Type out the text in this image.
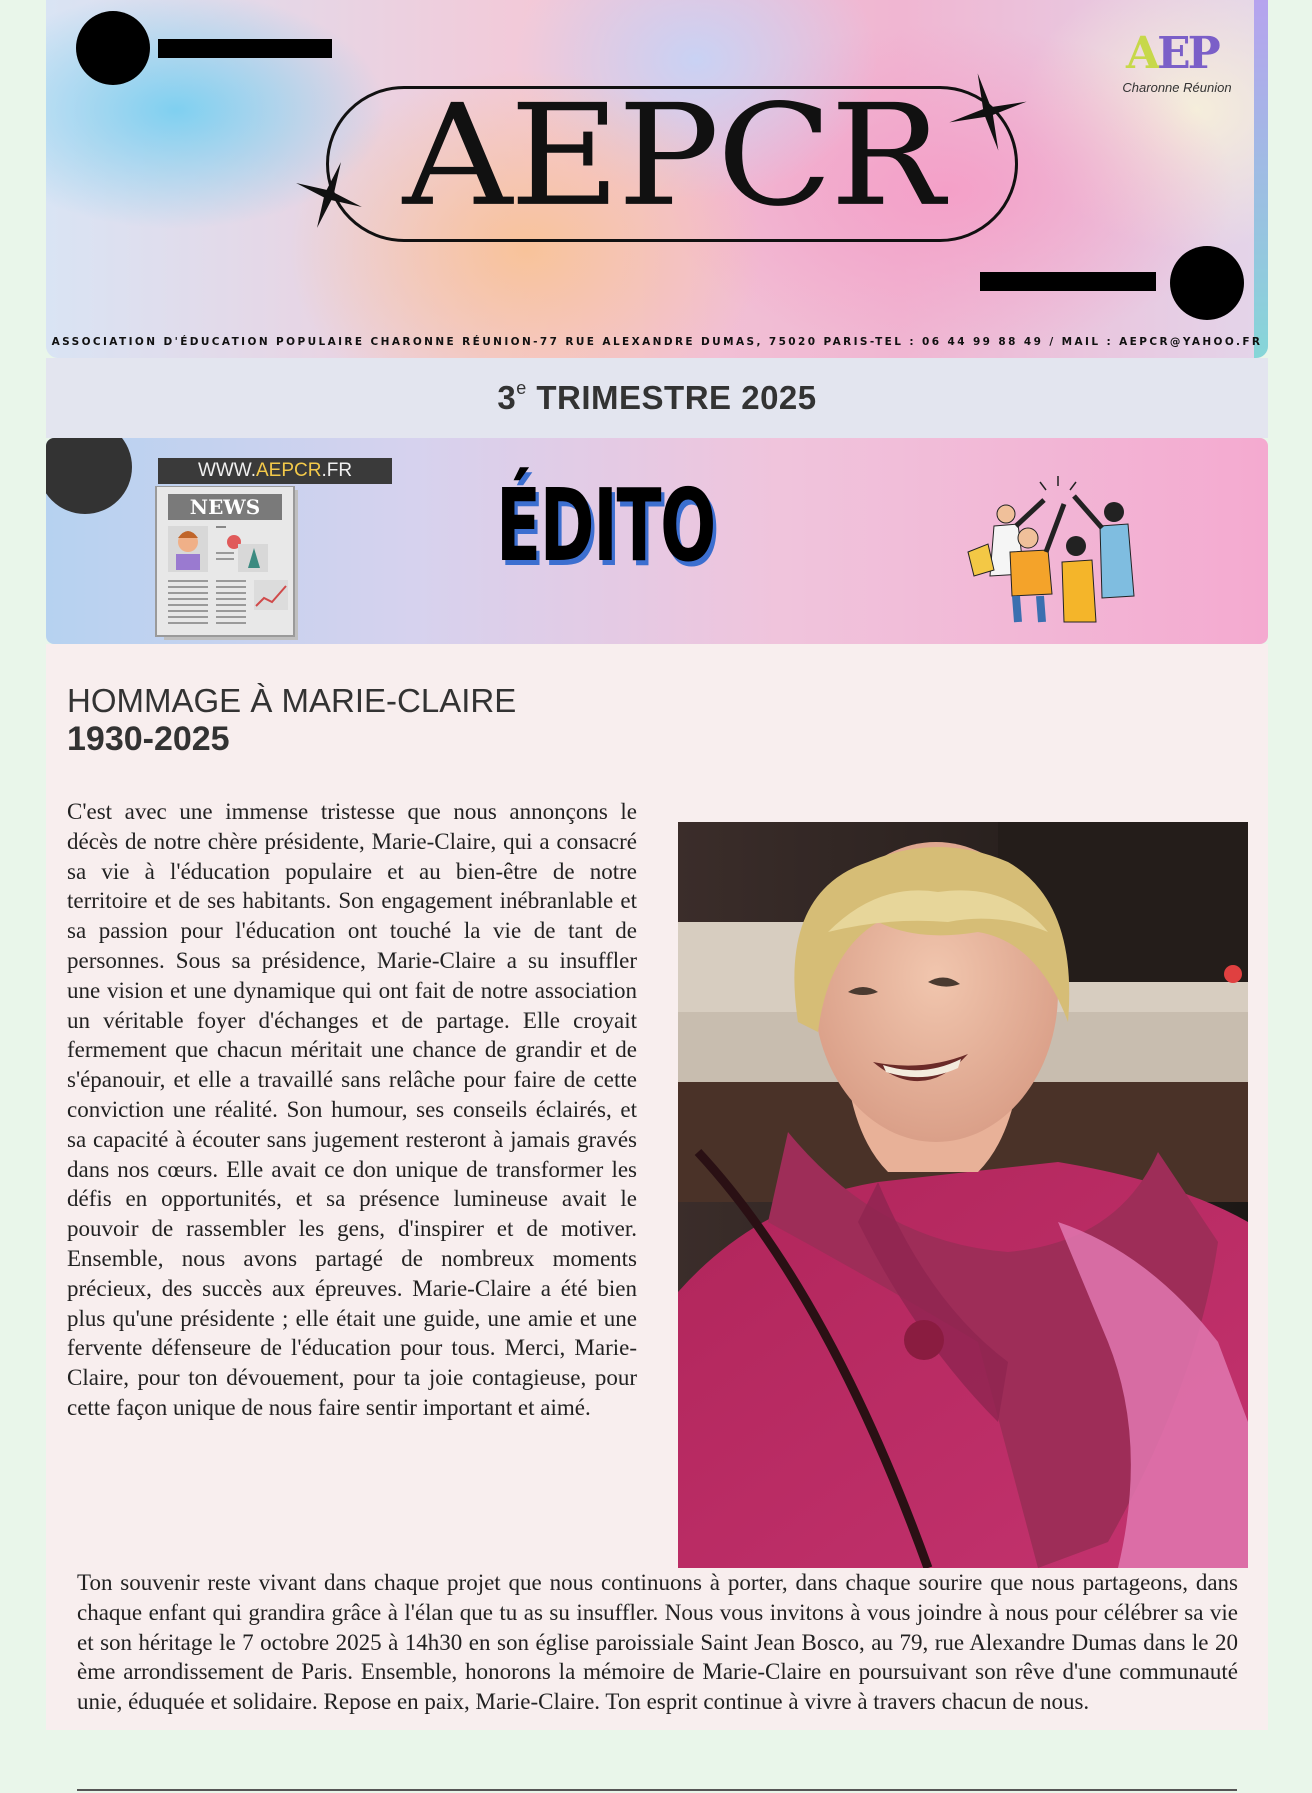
AEPCR
AEP
Charonne Réunion
ASSOCIATION D'ÉDUCATION POPULAIRE CHARONNE RÉUNION-77 RUE ALEXANDRE DUMAS, 75020 PARIS-TEL : 06 44 99 88 49 / MAIL : AEPCR@YAHOO.FR
3e TRIMESTRE 2025
WWW.AEPCR.FR
NEWS ÉDITO
HOMMAGE À MARIE-CLAIRE
1930-2025
C'est avec une immense tristesse que nous annonçons le décès de notre chère présidente, Marie-Claire, qui a consacré sa vie à l'éducation populaire et au bien-être de notre territoire et de ses habitants. Son engagement inébranlable et sa passion pour l'éducation ont touché la vie de tant de personnes. Sous sa présidence, Marie-Claire a su insuffler une vision et une dynamique qui ont fait de notre association un véritable foyer d'échanges et de partage. Elle croyait fermement que chacun méritait une chance de grandir et de s'épanouir, et elle a travaillé sans relâche pour faire de cette conviction une réalité. Son humour, ses conseils éclairés, et sa capacité à écouter sans jugement resteront à jamais gravés dans nos cœurs. Elle avait ce don unique de transformer les défis en opportunités, et sa présence lumineuse avait le pouvoir de rassembler les gens, d'inspirer et de motiver. Ensemble, nous avons partagé de nombreux moments précieux, des succès aux épreuves. Marie-Claire a été bien plus qu'une présidente ; elle était une guide, une amie et une fervente défenseure de l'éducation pour tous. Merci, Marie-Claire, pour ton dévouement, pour ta joie contagieuse, pour cette façon unique de nous faire sentir important et aimé.
Ton souvenir reste vivant dans chaque projet que nous continuons à porter, dans chaque sourire que nous partageons, dans chaque enfant qui grandira grâce à l'élan que tu as su insuffler. Nous vous invitons à vous joindre à nous pour célébrer sa vie et son héritage le 7 octobre 2025 à 14h30 en son église paroissiale Saint Jean Bosco, au 79, rue Alexandre Dumas dans le 20 ème arrondissement de Paris. Ensemble, honorons la mémoire de Marie-Claire en poursuivant son rêve d'une communauté unie, éduquée et solidaire. Repose en paix, Marie-Claire. Ton esprit continue à vivre à travers chacun de nous.
